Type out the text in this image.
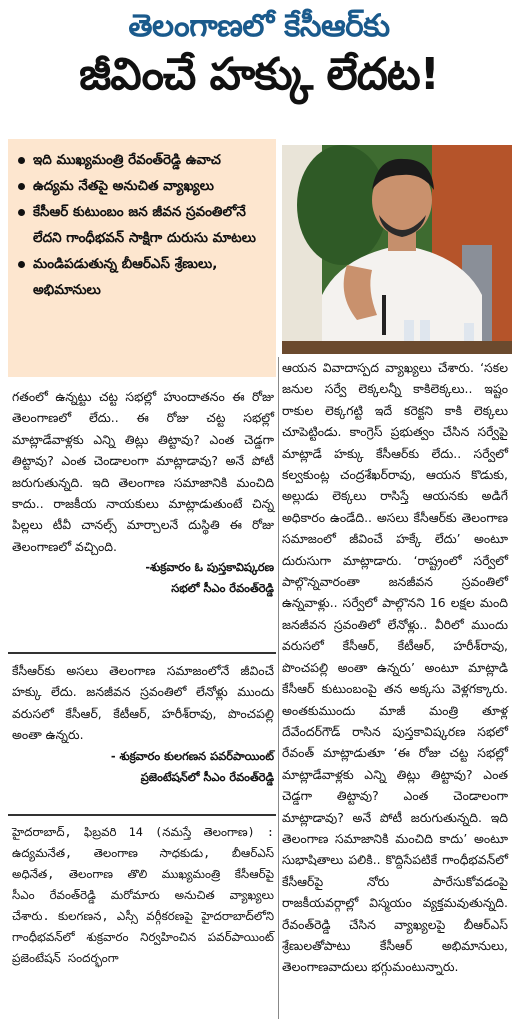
తెలంగాణలో కేసీఆర్‌కు
జీవించే హక్కు లేదట!
ఇది ముఖ్యమంత్రి రేవంత్‌రెడ్డి ఉవాచ
ఉద్యమ నేతపై అనుచిత వ్యాఖ్యలు
కేసీఆర్ కుటుంబం జన జీవన స్రవంతిలోనే లేదని గాంధీభవన్ సాక్షిగా దురుసు మాటలు
మండిపడుతున్న బీఆర్‌ఎస్ శ్రేణులు, అభిమానులు

గతంలో ఉన్నట్టు చట్ట సభల్లో హుందాతనం ఈ రోజు తెలంగాణలో లేదు.. ఈ రోజు చట్ట సభల్లో మాట్లాడేవాళ్లకు ఎన్ని తిట్లు తిట్టావు? ఎంత చెడ్డగా తిట్టావు? ఎంత చెండాలంగా మాట్లాడావు? అనే పోటీ జరుగుతున్నది. ఇది తెలంగాణ సమాజానికి మంచిది కాదు.. రాజకీయ నాయకులు మాట్లాడుతుంటే చిన్న పిల్లలు టీవీ చానల్స్ మార్చాలనే దుస్థితి ఈ రోజు తెలంగాణలో వచ్చింది.

-శుక్రవారం ఓ పుస్తకావిష్కరణ
సభలో సీఎం రేవంత్‌రెడ్డి

కేసీఆర్‌కు అసలు తెలంగాణ సమాజంలోనే జీవించే హక్కు లేదు. జనజీవన స్రవంతిలో లేనోళ్లు ముందు వరుసలో కేసీఆర్, కేటీఆర్, హరీశ్‌రావు, పొంచపల్లి అంతా ఉన్నరు.

- శుక్రవారం కులగణన పవర్‌పాయింట్
ప్రజెంటేషన్‌లో సీఎం రేవంత్‌రెడ్డి

హైదరాబాద్, ఫిబ్రవరి 14 (నమస్తే తెలంగాణ) : ఉద్యమనేత, తెలంగాణ సాధకుడు, బీఆర్‌ఎస్ అధినేత, తెలంగాణ తొలి ముఖ్యమంత్రి కేసీఆర్‌పై సీఎం రేవంత్‌రెడ్డి మరోమారు అనుచిత వ్యాఖ్యలు చేశారు. కులగణన, ఎస్సీ వర్గీకరణపై హైదరాబాద్‌లోని గాంధీభవన్‌లో శుక్రవారం నిర్వహించిన పవర్‌పాయింట్ ప్రజెంటేషన్ సందర్భంగా

ఆయన వివాదాస్పద వ్యాఖ్యలు చేశారు. ‘సకల జనుల సర్వే లెక్కలన్నీ కాకిలెక్కలు.. ఇష్టం రాకుల లెక్కగట్టి ఇదే కరెక్టని కాకి లెక్కలు చూపెట్టిండు. కాంగ్రెస్ ప్రభుత్వం చేసిన సర్వేపై మాట్లాడే హక్కు కేసీఆర్‌కు లేదు.. సర్వేలో కల్వకుంట్ల చంద్రశేఖర్‌రావు, ఆయన కొడుకు, అల్లుడు లెక్కలు రాసిస్తే ఆయనకు అడిగే అధికారం ఉండేది.. అసలు కేసీఆర్‌కు తెలంగాణ సమాజంలో జీవించే హక్కే లేదు’ అంటూ దురుసుగా మాట్లాడారు. ‘రాష్ట్రంలో సర్వేలో పాల్గొన్నవారంతా జనజీవన స్రవంతిలో ఉన్నవాళ్లు.. సర్వేలో పాల్గొనని 16 లక్షల మంది జనజీవన స్రవంతిలో లేనోళ్లు.. వీరిలో ముందు వరుసలో కేసీఆర్, కేటీఆర్, హరీశ్‌రావు, పొంచపల్లి అంతా ఉన్నరు’ అంటూ మాట్లాడి కేసీఆర్ కుటుంబంపై తన అక్కసు వెళ్లగక్కారు. అంతకుముందు మాజీ మంత్రి తూళ్ల దేవేందర్‌గౌడ్ రాసిన పుస్తకావిష్కరణ సభలో రేవంత్ మాట్లాడుతూ ‘ఈ రోజు చట్ట సభల్లో మాట్లాడేవాళ్లకు ఎన్ని తిట్లు తిట్టావు? ఎంత చెడ్డగా తిట్టావు? ఎంత చెండాలంగా మాట్లాడావు? అనే పోటీ జరుగుతున్నది. ఇది తెలంగాణ సమాజానికి మంచిది కాదు’ అంటూ సుభాషితాలు పలికి.. కొద్దిసేపటికే గాంధీభవన్‌లో కేసీఆర్‌పై నోరు పారేసుకోవడంపై రాజకీయవర్గాల్లో విస్మయం వ్యక్తమవుతున్నది. రేవంత్‌రెడ్డి చేసిన వ్యాఖ్యలపై బీఆర్‌ఎస్ శ్రేణులతోపాటు కేసీఆర్ అభిమానులు, తెలంగాణవాదులు భగ్గుమంటున్నారు.
